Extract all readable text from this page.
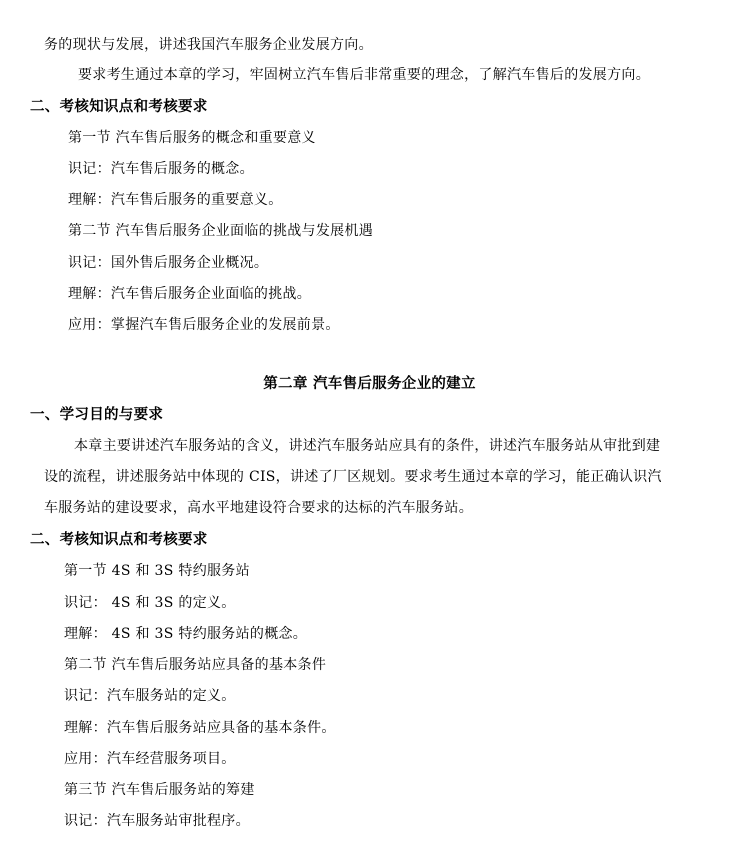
务的现状与发展，讲述我国汽车服务企业发展方向。
要求考生通过本章的学习，牢固树立汽车售后非常重要的理念，了解汽车售后的发展方向。
二、考核知识点和考核要求
第一节 汽车售后服务的概念和重要意义
识记：汽车售后服务的概念。
理解：汽车售后服务的重要意义。
第二节 汽车售后服务企业面临的挑战与发展机遇
识记：国外售后服务企业概况。
理解：汽车售后服务企业面临的挑战。
应用：掌握汽车售后服务企业的发展前景。
第二章 汽车售后服务企业的建立
一、学习目的与要求
本章主要讲述汽车服务站的含义，讲述汽车服务站应具有的条件，讲述汽车服务站从审批到建
设的流程，讲述服务站中体现的 CIS，讲述了厂区规划。要求考生通过本章的学习，能正确认识汽
车服务站的建设要求，高水平地建设符合要求的达标的汽车服务站。
二、考核知识点和考核要求
第一节 4S 和 3S 特约服务站
识记： 4S 和 3S 的定义。
理解： 4S 和 3S 特约服务站的概念。
第二节 汽车售后服务站应具备的基本条件
识记：汽车服务站的定义。
理解：汽车售后服务站应具备的基本条件。
应用：汽车经营服务项目。
第三节 汽车售后服务站的筹建
识记：汽车服务站审批程序。
